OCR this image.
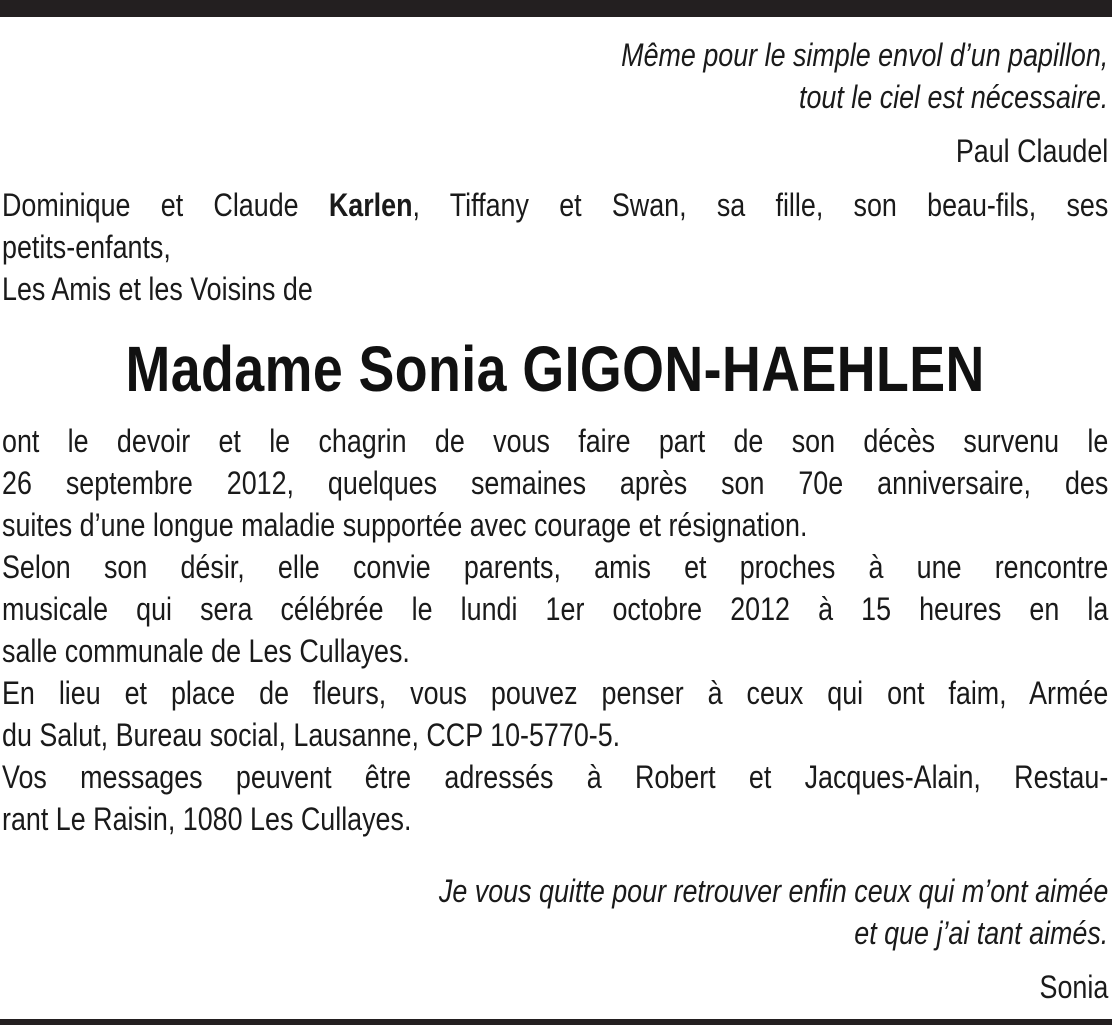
Même pour le simple envol d’un papillon,

tout le ciel est nécessaire.

Paul Claudel

Dominique et Claude Karlen, Tiffany et Swan, sa fille, son beau-fils, ses

petits-enfants,

Les Amis et les Voisins de

Madame Sonia GIGON-HAEHLEN

ont le devoir et le chagrin de vous faire part de son décès survenu le

26 septembre 2012, quelques semaines après son 70e anniversaire, des

suites d’une longue maladie supportée avec courage et résignation.

Selon son désir, elle convie parents, amis et proches à une rencontre

musicale qui sera célébrée le lundi 1er octobre 2012 à 15 heures en la

salle communale de Les Cullayes.

En lieu et place de fleurs, vous pouvez penser à ceux qui ont faim, Armée

du Salut, Bureau social, Lausanne, CCP 10-5770-5.

Vos messages peuvent être adressés à Robert et Jacques-Alain, Restau-

rant Le Raisin, 1080 Les Cullayes.

Je vous quitte pour retrouver enfin ceux qui m’ont aimée

et que j’ai tant aimés.

Sonia
